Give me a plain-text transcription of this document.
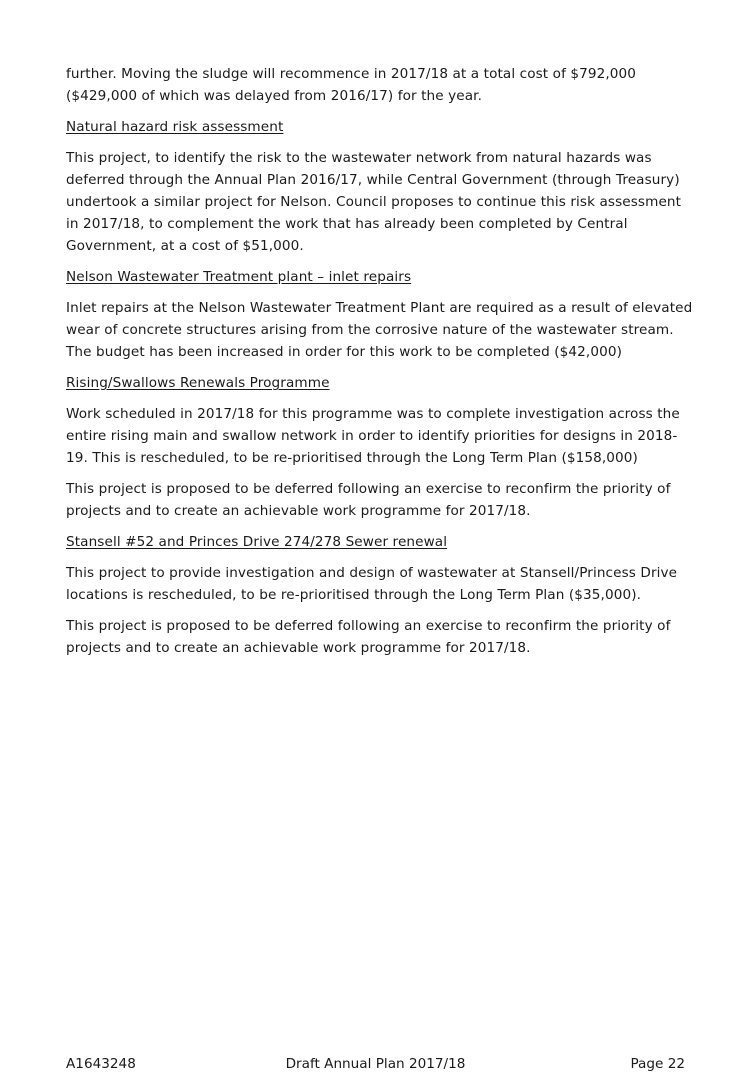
further. Moving the sludge will recommence in 2017/18 at a total cost of $792,000 ($429,000 of which was delayed from 2016/17) for the year.

Natural hazard risk assessment

This project, to identify the risk to the wastewater network from natural hazards was deferred through the Annual Plan 2016/17, while Central Government (through Treasury) undertook a similar project for Nelson. Council proposes to continue this risk assessment in 2017/18, to complement the work that has already been completed by Central Government, at a cost of $51,000.

Nelson Wastewater Treatment plant – inlet repairs

Inlet repairs at the Nelson Wastewater Treatment Plant are required as a result of elevated wear of concrete structures arising from the corrosive nature of the wastewater stream. The budget has been increased in order for this work to be completed ($42,000)

Rising/Swallows Renewals Programme

Work scheduled in 2017/18 for this programme was to complete investigation across the entire rising main and swallow network in order to identify priorities for designs in 2018-19. This is rescheduled, to be re-prioritised through the Long Term Plan ($158,000)

This project is proposed to be deferred following an exercise to reconfirm the priority of projects and to create an achievable work programme for 2017/18.

Stansell #52 and Princes Drive 274/278 Sewer renewal

This project to provide investigation and design of wastewater at Stansell/Princess Drive locations is rescheduled, to be re-prioritised through the Long Term Plan ($35,000).

This project is proposed to be deferred following an exercise to reconfirm the priority of projects and to create an achievable work programme for 2017/18.

A1643248	Draft Annual Plan 2017/18	Page 22
